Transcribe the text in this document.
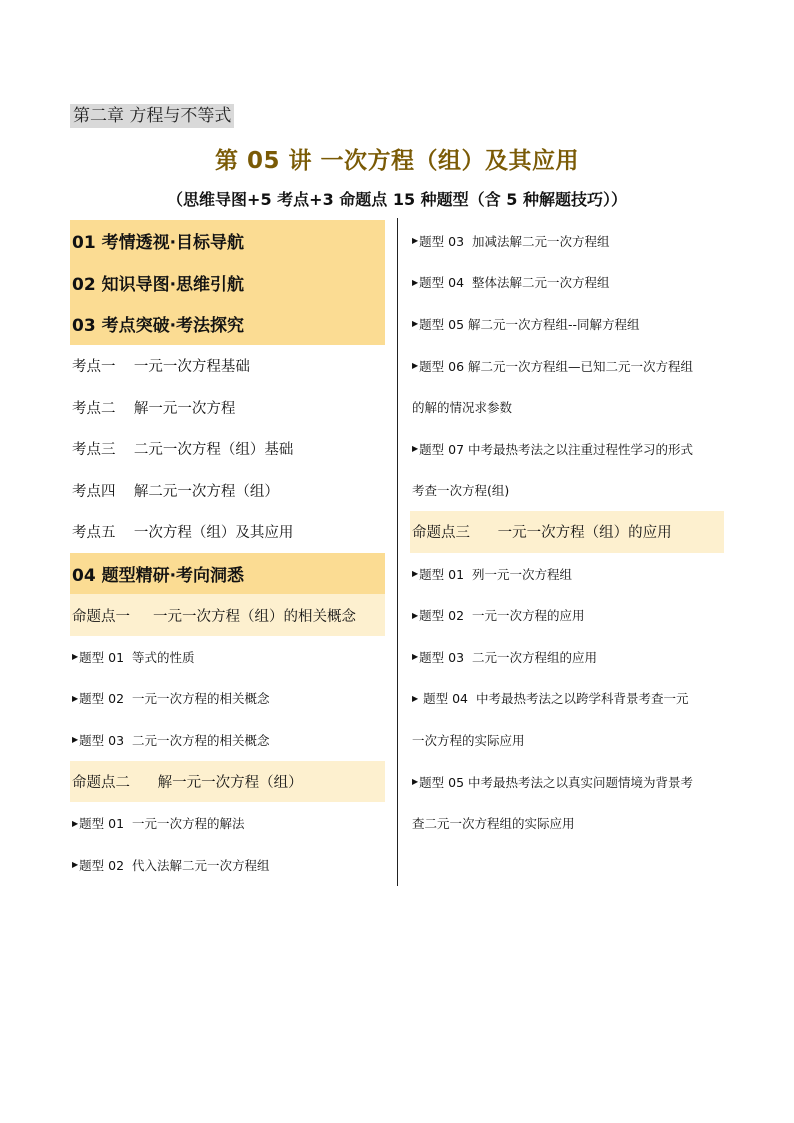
第二章 方程与不等式
第 05 讲 一次方程（组）及其应用
（思维导图+5 考点+3 命题点 15 种题型（含 5 种解题技巧））
01 考情透视·目标导航
02 知识导图·思维引航
03 考点突破·考法探究
考点一    一元一次方程基础
考点二    解一元一次方程
考点三    二元一次方程（组）基础
考点四    解二元一次方程（组）
考点五    一次方程（组）及其应用
04 题型精研·考向洞悉
命题点一     一元一次方程（组）的相关概念
▶ 题型 01  等式的性质
▶ 题型 02  一元一次方程的相关概念
▶ 题型 03  二元一次方程的相关概念
命题点二      解一元一次方程（组）
▶ 题型 01  一元一次方程的解法
▶ 题型 02  代入法解二元一次方程组
▶ 题型 03  加减法解二元一次方程组
▶ 题型 04  整体法解二元一次方程组
▶ 题型 05 解二元一次方程组--同解方程组
▶ 题型 06 解二元一次方程组—已知二元一次方程组
的解的情况求参数
▶ 题型 07 中考最热考法之以注重过程性学习的形式
考查一次方程(组)
命题点三      一元一次方程（组）的应用
▶ 题型 01  列一元一次方程组
▶ 题型 02  一元一次方程的应用
▶ 题型 03  二元一次方程组的应用
▶ 题型 04  中考最热考法之以跨学科背景考查一元
一次方程的实际应用
▶ 题型 05 中考最热考法之以真实问题情境为背景考
查二元一次方程组的实际应用
